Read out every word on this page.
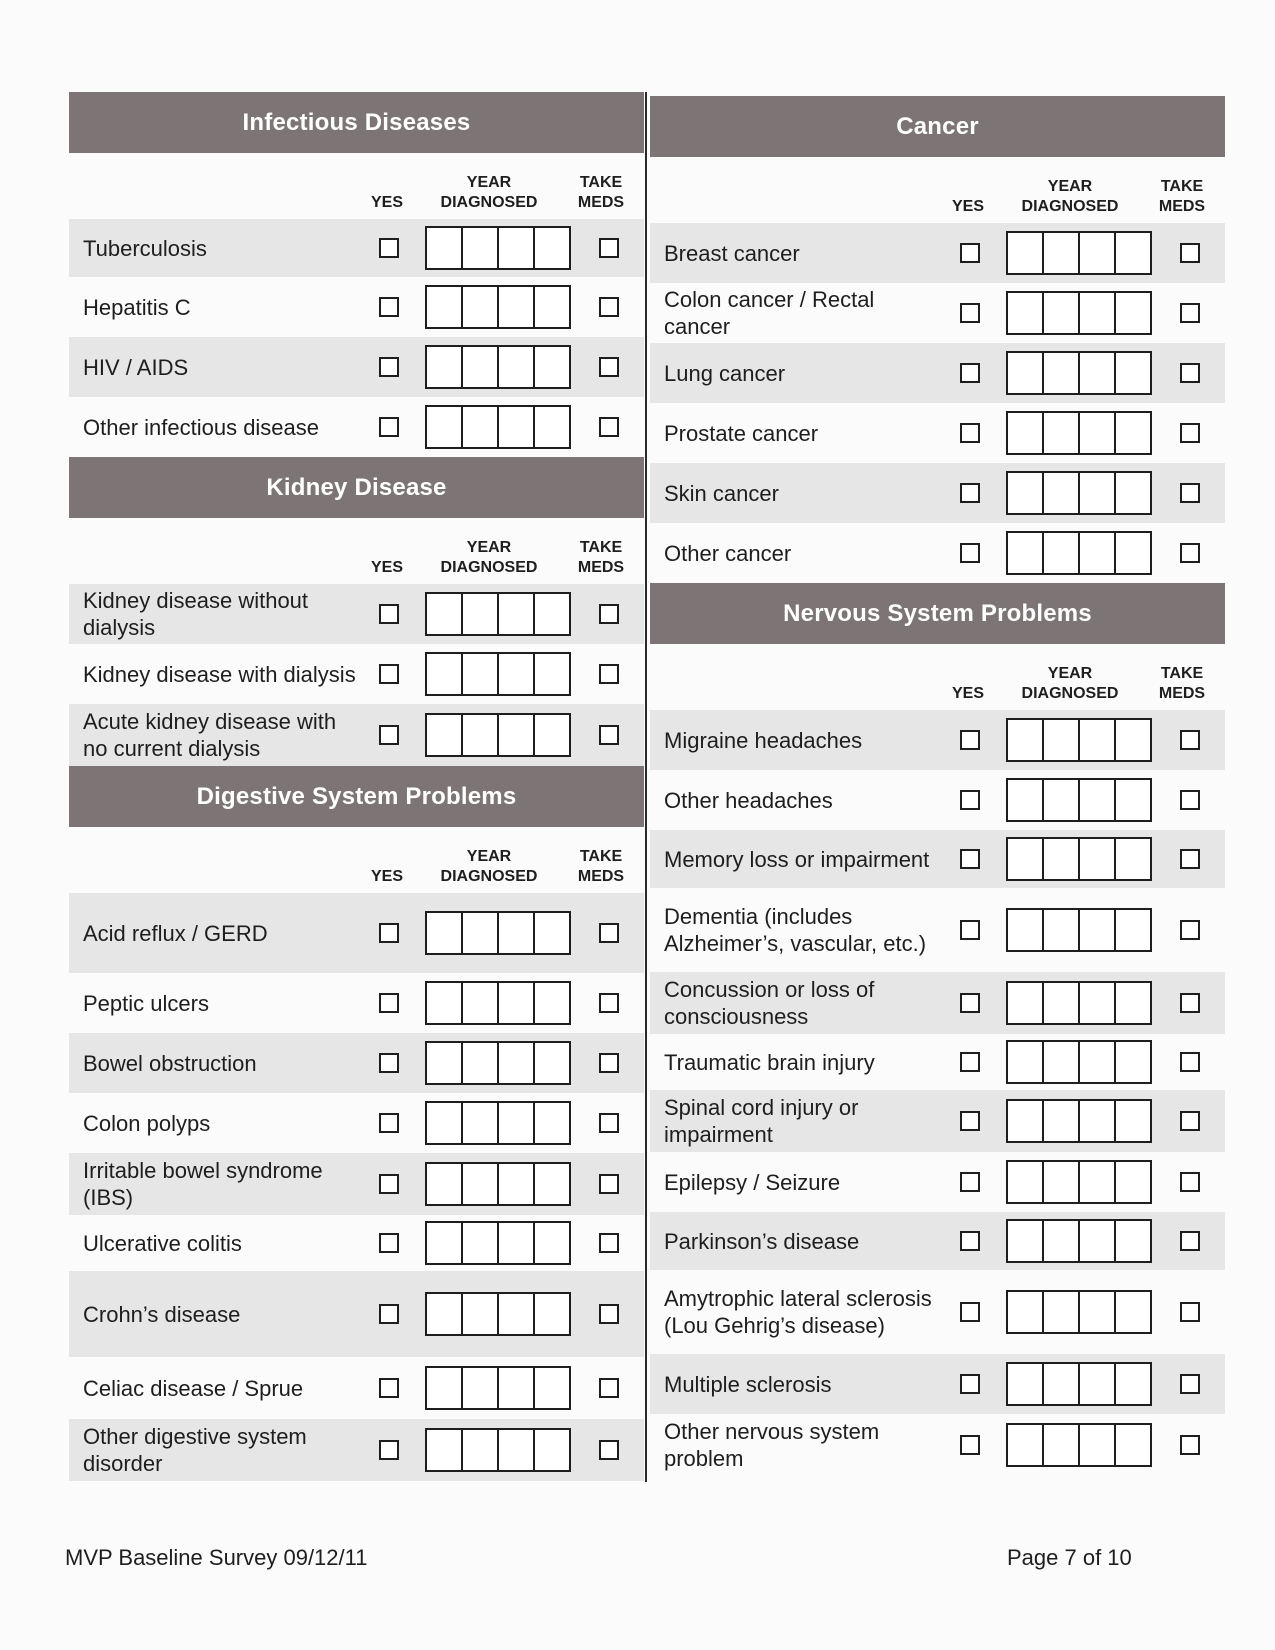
Infectious Diseases
YES
YEAR
DIAGNOSED
TAKE
MEDS
Tuberculosis
Hepatitis C
HIV / AIDS
Other infectious disease
Kidney Disease
YES
YEAR
DIAGNOSED
TAKE
MEDS
Kidney disease without dialysis
Kidney disease with dialysis
Acute kidney disease with no current dialysis
Digestive System Problems
YES
YEAR
DIAGNOSED
TAKE
MEDS
Acid reflux / GERD
Peptic ulcers
Bowel obstruction
Colon polyps
Irritable bowel syndrome (IBS)
Ulcerative colitis
Crohn’s disease
Celiac disease / Sprue
Other digestive system disorder
Cancer
YES
YEAR
DIAGNOSED
TAKE
MEDS
Breast cancer
Colon cancer / Rectal cancer
Lung cancer
Prostate cancer
Skin cancer
Other cancer
Nervous System Problems
YES
YEAR
DIAGNOSED
TAKE
MEDS
Migraine headaches
Other headaches
Memory loss or impairment
Dementia (includes Alzheimer’s, vascular, etc.)
Concussion or loss of consciousness
Traumatic brain injury
Spinal cord injury or impairment
Epilepsy / Seizure
Parkinson’s disease
Amytrophic lateral sclerosis (Lou Gehrig’s disease)
Multiple sclerosis
Other nervous system problem
MVP Baseline Survey 09/12/11	Page 7 of 10
